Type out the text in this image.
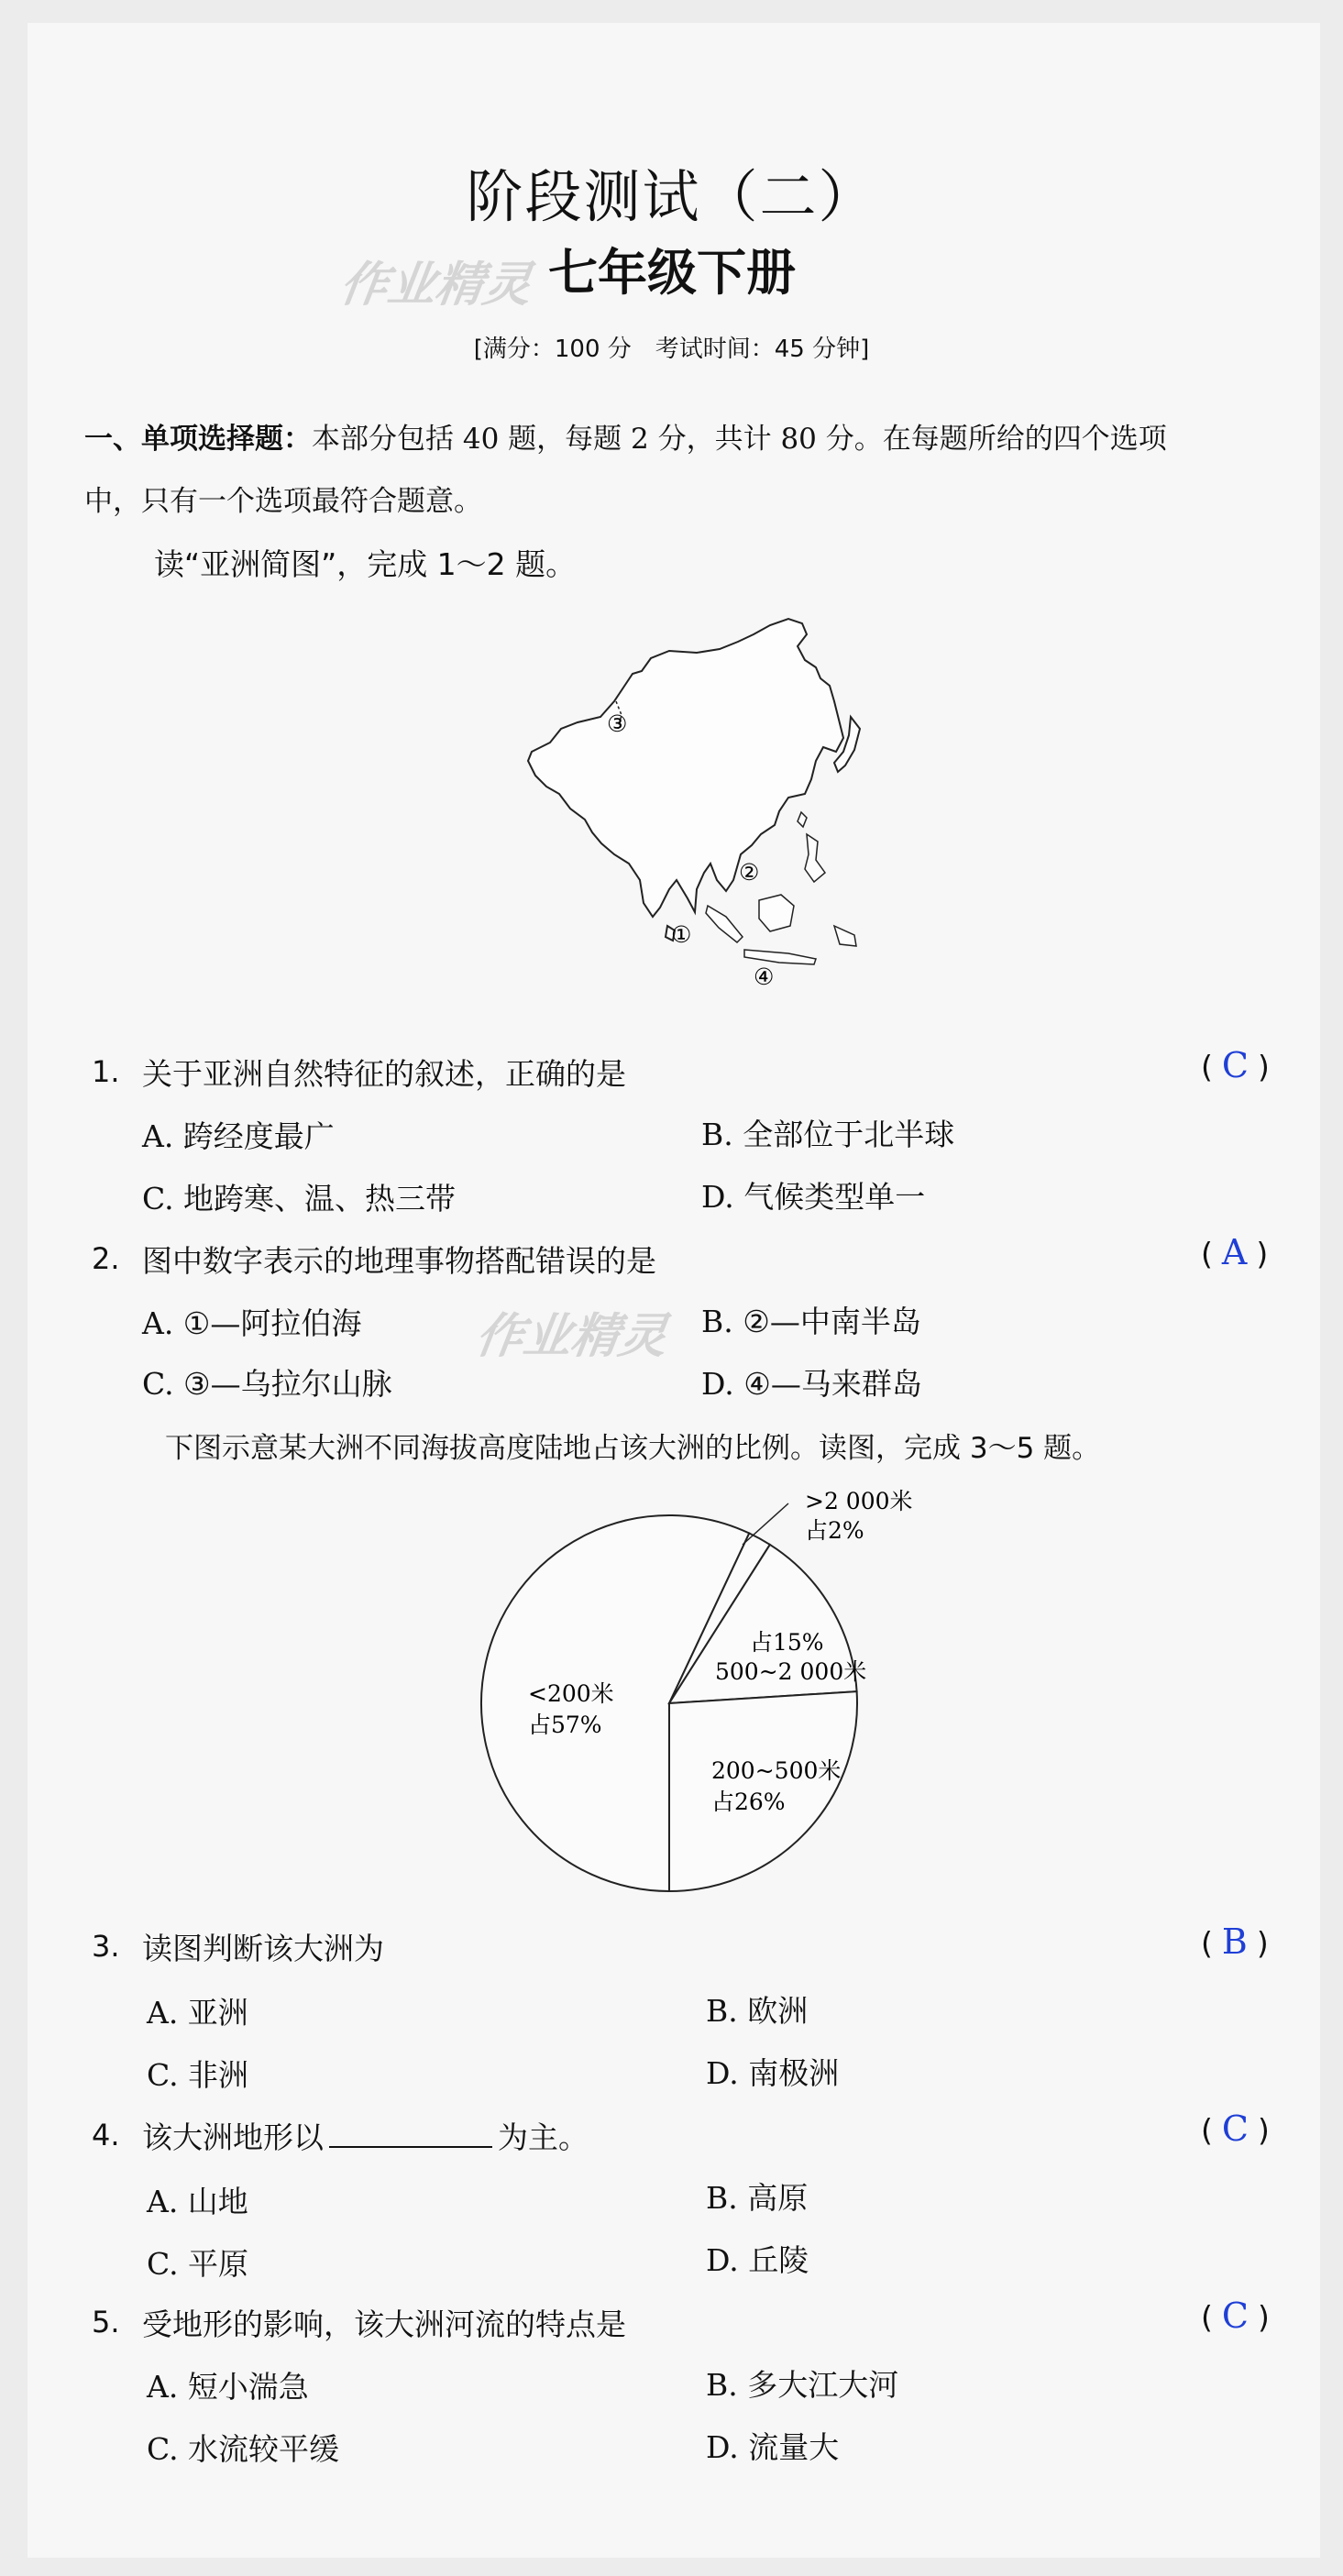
阶段测试（二）
作业精灵 七年级下册
[满分：100 分　考试时间：45 分钟]
一、单项选择题：本部分包括 40 题，每题 2 分，共计 80 分。在每题所给的四个选项
中，只有一个选项最符合题意。
读“亚洲简图”，完成 1～2 题。
①
②
③
④
1. 关于亚洲自然特征的叙述，正确的是	( C )
A. 跨经度最广	B. 全部位于北半球
C. 地跨寒、温、热三带	D. 气候类型单一
2. 图中数字表示的地理事物搭配错误的是	( A )
A. ①—阿拉伯海 作业精灵 B. ②—中南半岛
C. ③—乌拉尔山脉	D. ④—马来群岛
下图示意某大洲不同海拔高度陆地占该大洲的比例。读图，完成 3～5 题。
>2 000米
占2%
占15%
500~2 000米
<200米
占57%
200~500米
占26%
3. 读图判断该大洲为	( B )
A. 亚洲	B. 欧洲
C. 非洲	D. 南极洲
4. 该大洲地形以	为主。	( C )
A. 山地	B. 高原
C. 平原	D. 丘陵
5. 受地形的影响，该大洲河流的特点是	( C )
A. 短小湍急	B. 多大江大河
C. 水流较平缓	D. 流量大
